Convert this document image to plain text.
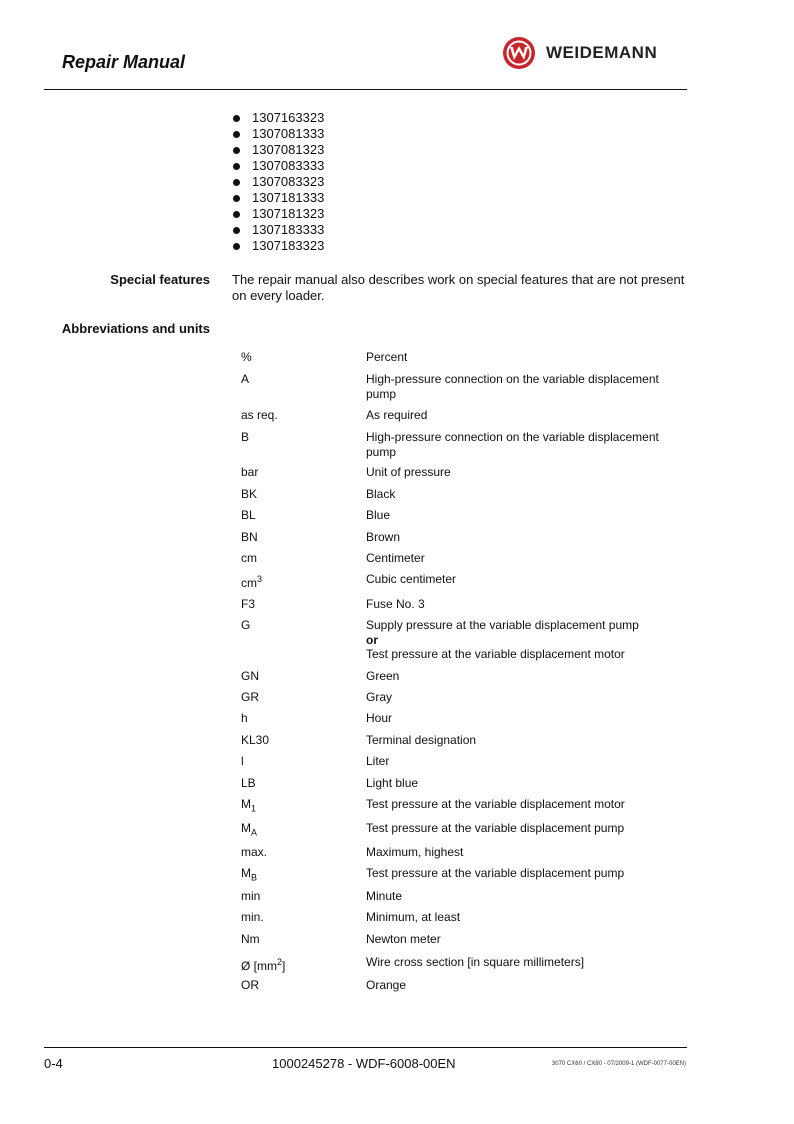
Repair Manual	WEIDEMANN
1307163323
1307081333
1307081323
1307083333
1307083323
1307181333
1307181323
1307183333
1307183323
Special features The repair manual also describes work on special features that are not present on every loader.
Abbreviations and units
%	Percent
A	High-pressure connection on the variable displacement pump
as req.	As required
B	High-pressure connection on the variable displacement pump
bar	Unit of pressure
BK	Black
BL	Blue
BN	Brown
cm	Centimeter
$cm^3$	Cubic centimeter
F3	Fuse No. 3
G	Supply pressure at the variable displacement pump
or
Test pressure at the variable displacement motor
GN	Green
GR	Gray
h	Hour
KL30	Terminal designation
l	Liter
LB	Light blue
$M_1$	Test pressure at the variable displacement motor
$M_A$	Test pressure at the variable displacement pump
max.	Maximum, highest
$M_B$	Test pressure at the variable displacement pump
min	Minute
min.	Minimum, at least
Nm	Newton meter
Ø $[mm^2]$	Wire cross section [in square millimeters]
OR	Orange
0-4	1000245278 - WDF-6008-00EN	3070 CX60 / CX80 - 07/2009-1 (WDF-0077-00EN)
